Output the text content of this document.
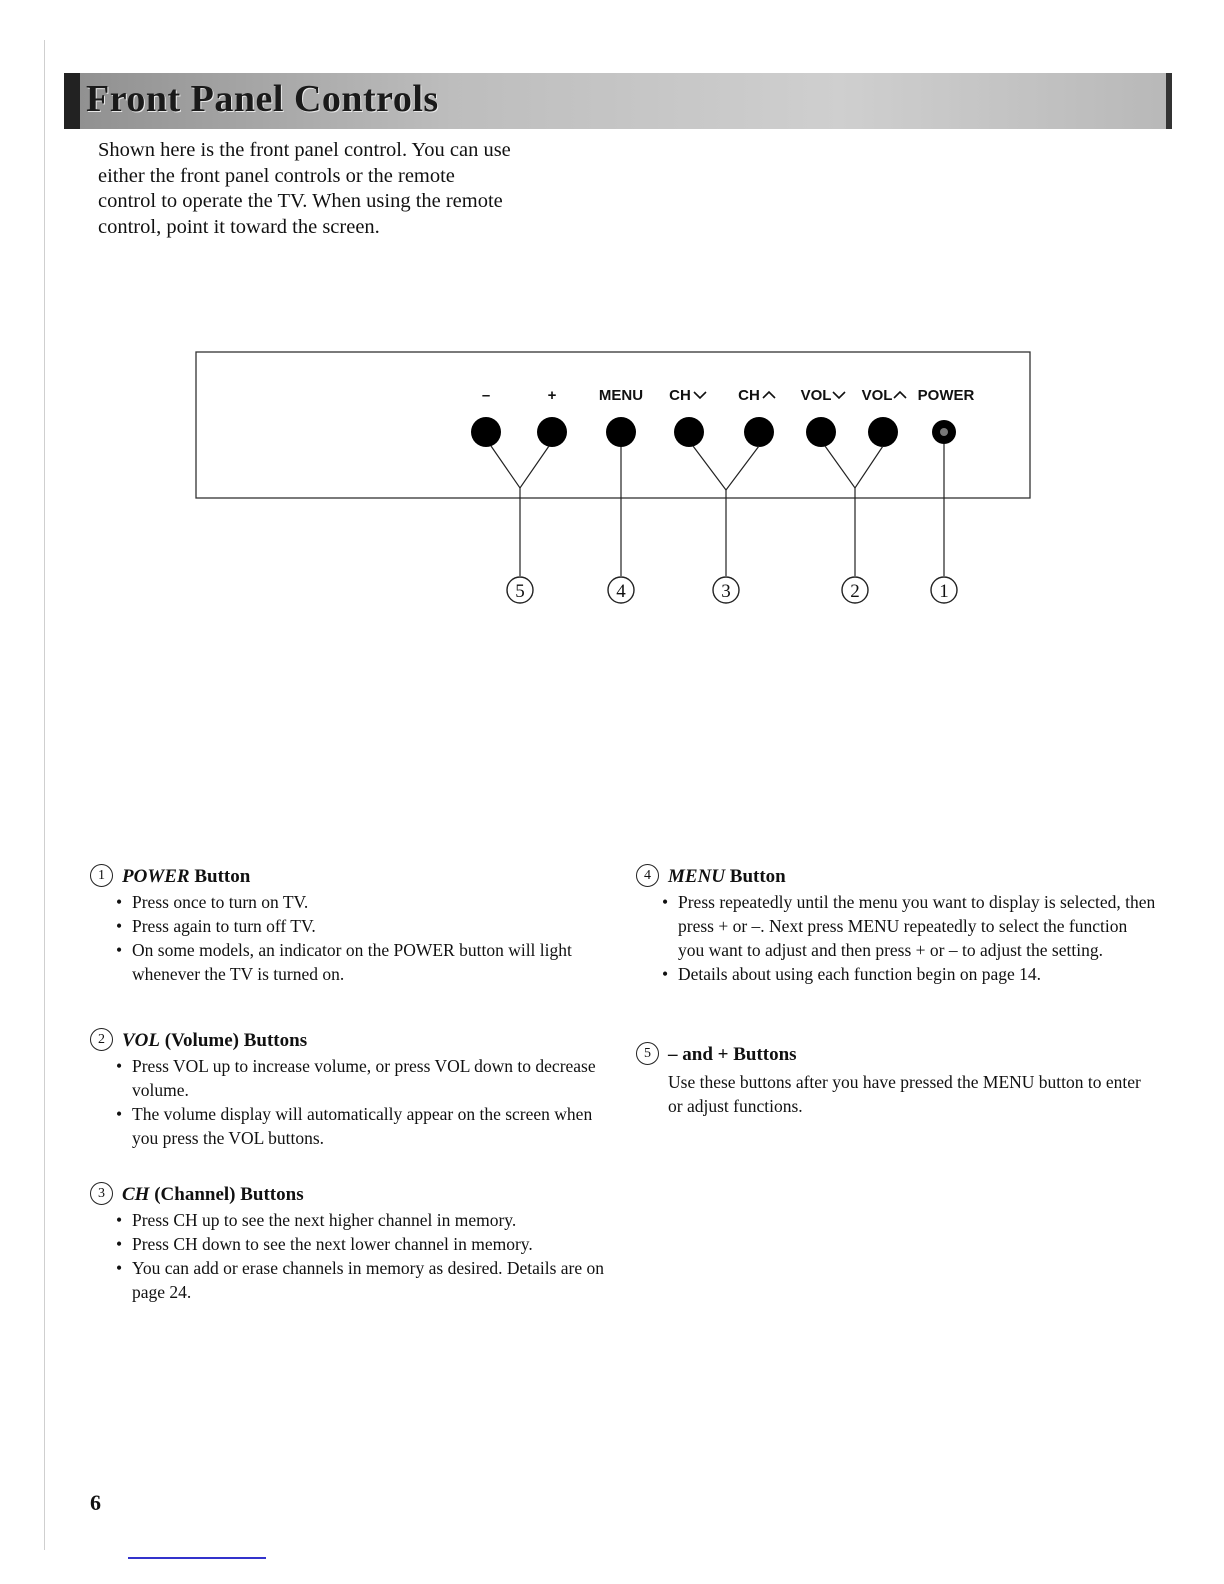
Front Panel Controls
Shown here is the front panel control. You can use either the front panel controls or the remote control to operate the TV. When using the remote control, point it toward the screen.
–	+	MENU CH	CH	VOL VOL POWER
5	4	3	2	1
1 POWER Button
• Press once to turn on TV.
• Press again to turn off TV.
• On some models, an indicator on the POWER button will light whenever the TV is turned on.
2 VOL (Volume) Buttons
• Press VOL up to increase volume, or press VOL down to decrease volume.
• The volume display will automatically appear on the screen when you press the VOL buttons.
3 CH (Channel) Buttons
• Press CH up to see the next higher channel in memory.
• Press CH down to see the next lower channel in memory.
• You can add or erase channels in memory as desired. Details are on page 24.
4 MENU Button
• Press repeatedly until the menu you want to display is selected, then press + or –. Next press MENU repeatedly to select the function you want to adjust and then press + or – to adjust the setting.
• Details about using each function begin on page 14.
5 – and + Buttons

Use these buttons after you have pressed the MENU button to enter or adjust functions.

6
